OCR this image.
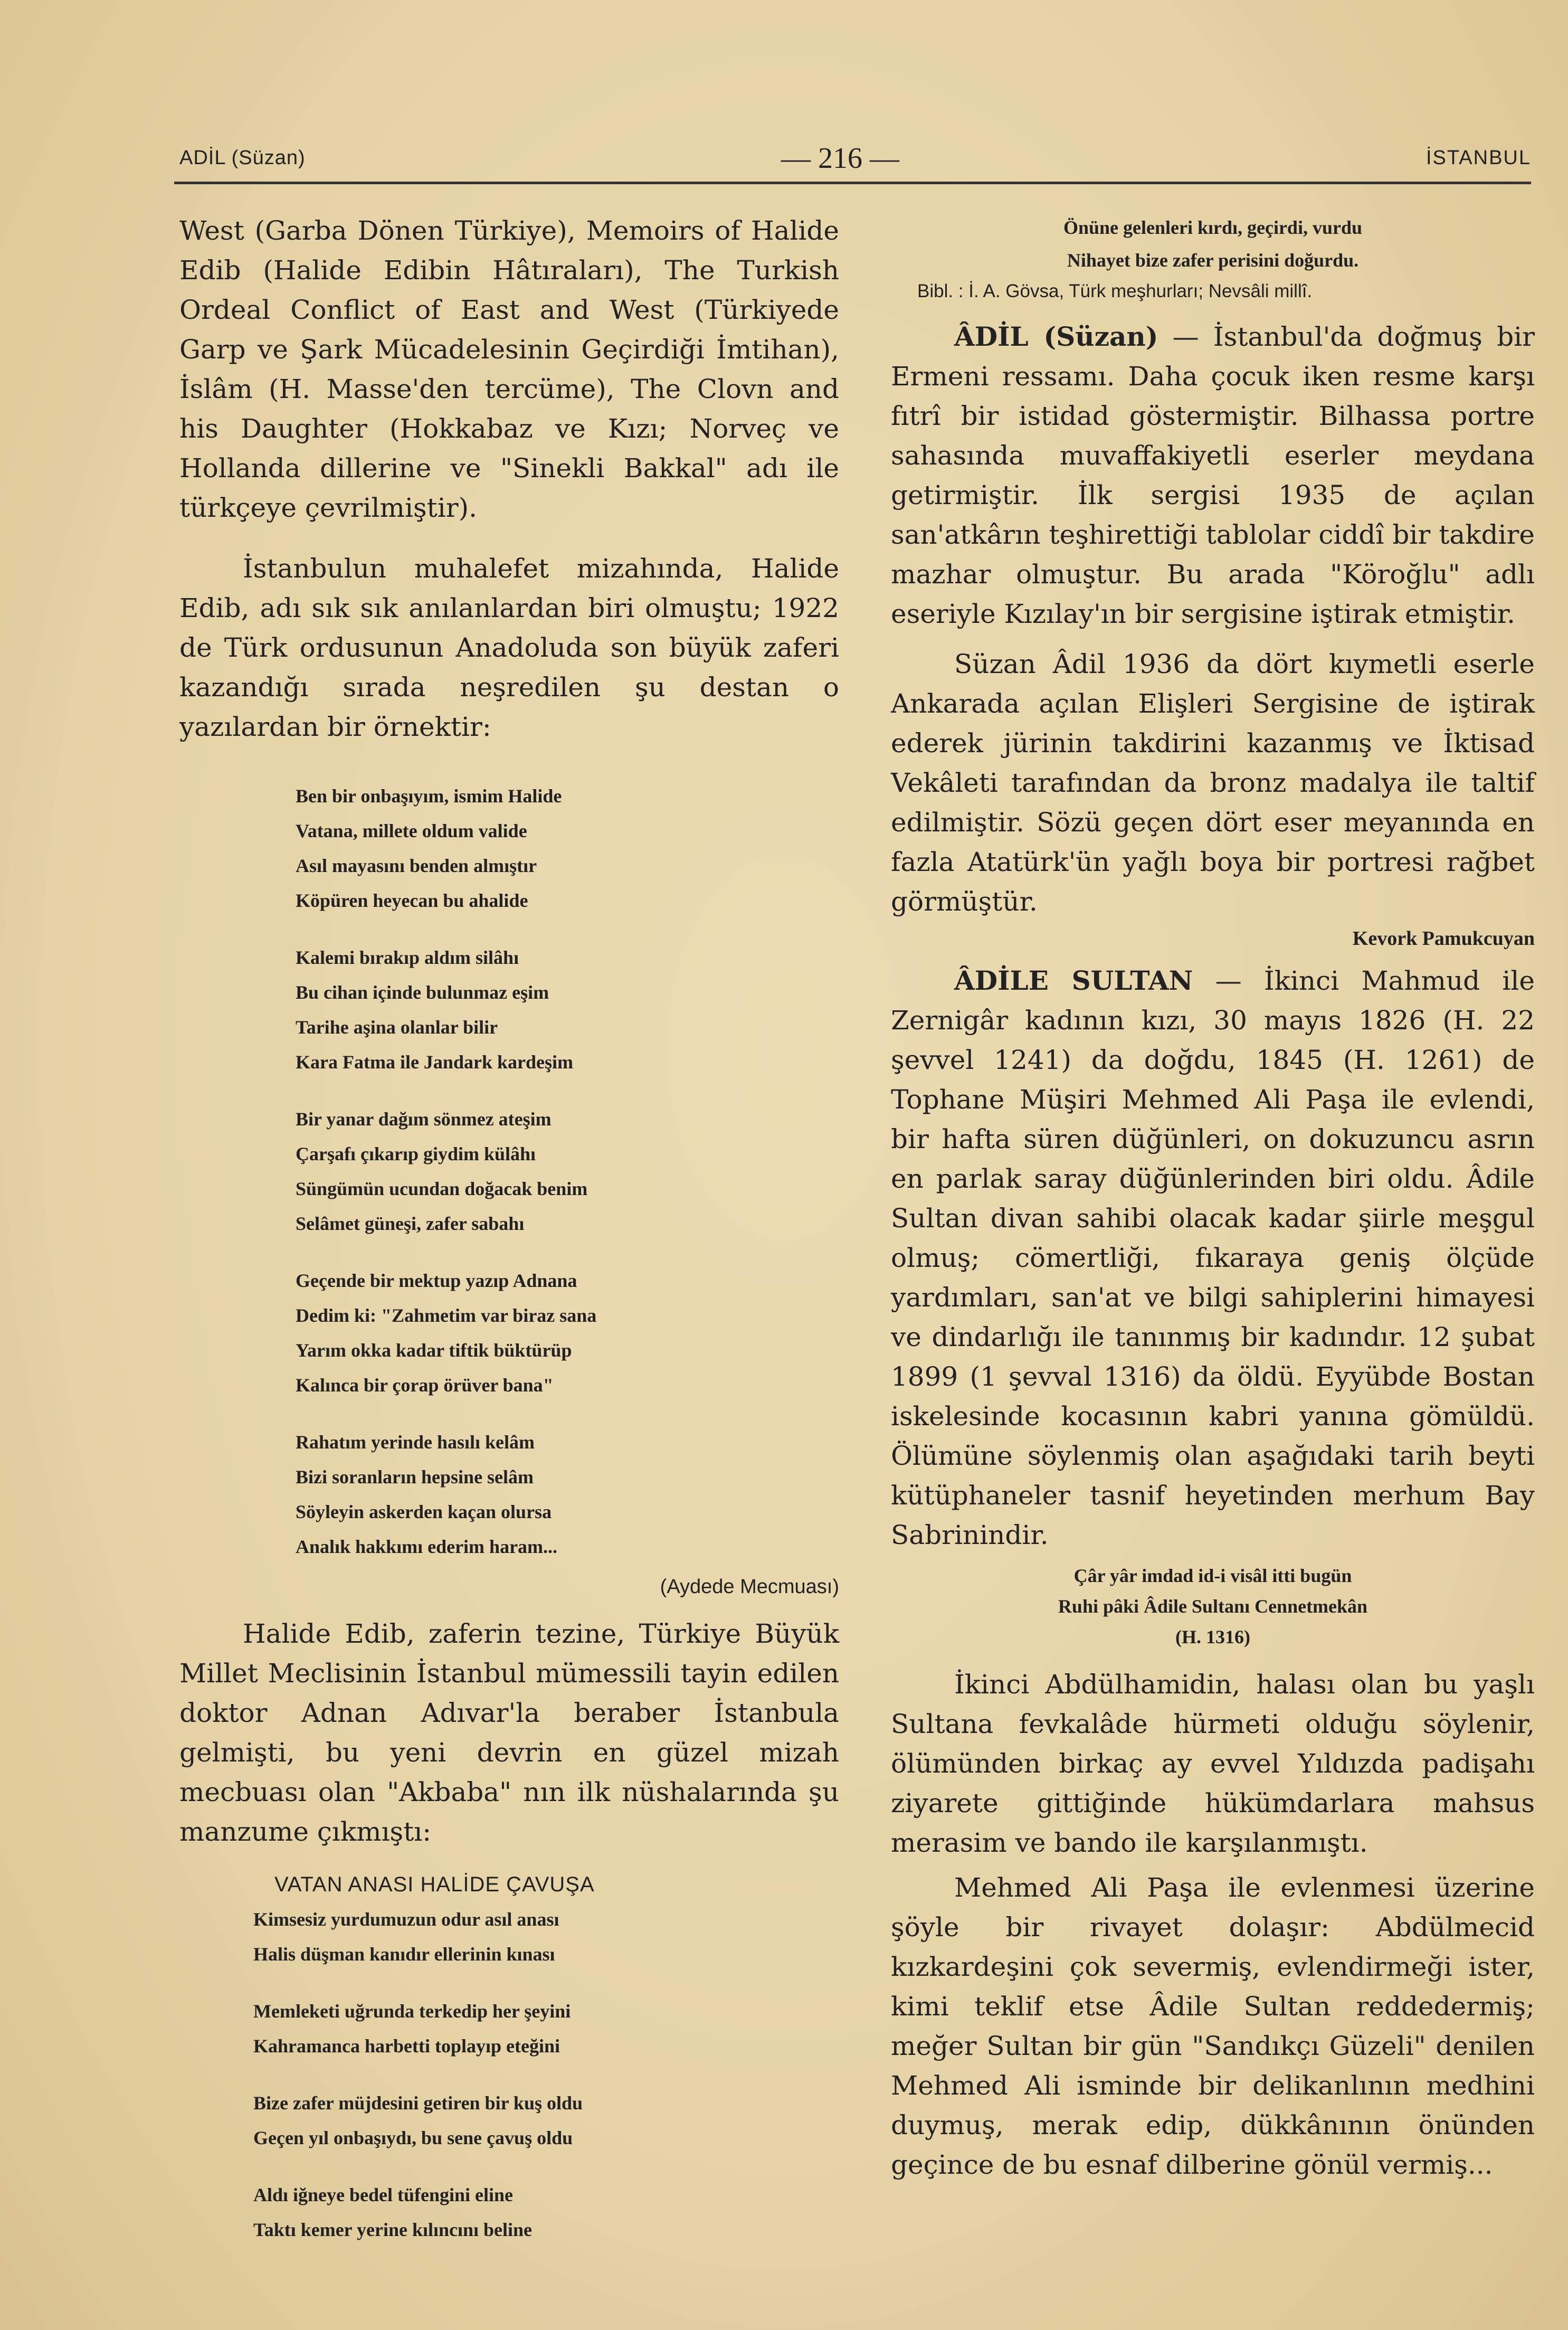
ADİL (Süzan)	— 216 —	İSTANBUL

West (Garba Dönen Türkiye), Memoirs of Halide Edib (Halide Edibin Hâtıraları), The Turkish Ordeal Conflict of East and West (Türkiyede Garp ve Şark Mücadelesinin Geçirdiği İmtihan), İslâm (H. Masse'den tercüme), The Clovn and his Daughter (Hokkabaz ve Kızı; Norveç ve Hollanda dillerine ve "Sinekli Bakkal" adı ile türkçeye çevrilmiştir).

İstanbulun muhalefet mizahında, Halide Edib, adı sık sık anılanlardan biri olmuştu; 1922 de Türk ordusunun Anadoluda son büyük zaferi kazandığı sırada neşredilen şu destan o yazılardan bir örnektir:

Ben bir onbaşıyım, ismim Halide
Vatana, millete oldum valide
Asıl mayasını benden almıştır
Köpüren heyecan bu ahalide
Kalemi bırakıp aldım silâhı
Bu cihan içinde bulunmaz eşim
Tarihe aşina olanlar bilir
Kara Fatma ile Jandark kardeşim
Bir yanar dağım sönmez ateşim
Çarşafı çıkarıp giydim külâhı
Süngümün ucundan doğacak benim
Selâmet güneşi, zafer sabahı
Geçende bir mektup yazıp Adnana
Dedim ki: "Zahmetim var biraz sana
Yarım okka kadar tiftik büktürüp
Kalınca bir çorap örüver bana"
Rahatım yerinde hasılı kelâm
Bizi soranların hepsine selâm
Söyleyin askerden kaçan olursa
Analık hakkımı ederim haram...
(Aydede Mecmuası)

Halide Edib, zaferin tezine, Türkiye Büyük Millet Meclisinin İstanbul mümessili tayin edilen doktor Adnan Adıvar'la beraber İstanbula gelmişti, bu yeni devrin en güzel mizah mecbuası olan "Akbaba" nın ilk nüshalarında şu manzume çıkmıştı:

VATAN ANASI HALİDE ÇAVUŞA
Kimsesiz yurdumuzun odur asıl anası
Halis düşman kanıdır ellerinin kınası
Memleketi uğrunda terkedip her şeyini
Kahramanca harbetti toplayıp eteğini
Bize zafer müjdesini getiren bir kuş oldu
Geçen yıl onbaşıydı, bu sene çavuş oldu
Aldı iğneye bedel tüfengini eline
Taktı kemer yerine kılıncını beline
Önüne gelenleri kırdı, geçirdi, vurdu
Nihayet bize zafer perisini doğurdu.

Bibl. : İ. A. Gövsa, Türk meşhurları; Nevsâli millî.

ÂDİL (Süzan) — İstanbul'da doğmuş bir Ermeni ressamı. Daha çocuk iken resme karşı fıtrî bir istidad göstermiştir. Bilhassa portre sahasında muvaffakiyetli eserler meydana getirmiştir. İlk sergisi 1935 de açılan san'atkârın teşhirettiği tablolar ciddî bir takdire mazhar olmuştur. Bu arada "Köroğlu" adlı eseriyle Kızılay'ın bir sergisine iştirak etmiştir.

Süzan Âdil 1936 da dört kıymetli eserle Ankarada açılan Elişleri Sergisine de iştirak ederek jürinin takdirini kazanmış ve İktisad Vekâleti tarafından da bronz madalya ile taltif edilmiştir. Sözü geçen dört eser meyanında en fazla Atatürk'ün yağlı boya bir portresi rağbet görmüştür.

Kevork Pamukcuyan

ÂDİLE SULTAN — İkinci Mahmud ile Zernigâr kadının kızı, 30 mayıs 1826 (H. 22 şevvel 1241) da doğdu, 1845 (H. 1261) de Tophane Müşiri Mehmed Ali Paşa ile evlendi, bir hafta süren düğünleri, on dokuzuncu asrın en parlak saray düğünlerinden biri oldu. Âdile Sultan divan sahibi olacak kadar şiirle meşgul olmuş; cömertliği, fıkaraya geniş ölçüde yardımları, san'at ve bilgi sahiplerini himayesi ve dindarlığı ile tanınmış bir kadındır. 12 şubat 1899 (1 şevval 1316) da öldü. Eyyübde Bostan iskelesinde kocasının kabri yanına gömüldü. Ölümüne söylenmiş olan aşağıdaki tarih beyti kütüphaneler tasnif heyetinden merhum Bay Sabrinindir.

Çâr yâr imdad id-i visâl itti bugün
Ruhi pâki Âdile Sultanı Cennetmekân
(H. 1316)

İkinci Abdülhamidin, halası olan bu yaşlı Sultana fevkalâde hürmeti olduğu söylenir, ölümünden birkaç ay evvel Yıldızda padişahı ziyarete gittiğinde hükümdarlara mahsus merasim ve bando ile karşılanmıştı.

Mehmed Ali Paşa ile evlenmesi üzerine şöyle bir rivayet dolaşır: Abdülmecid kızkardeşini çok severmiş, evlendirmeği ister, kimi teklif etse Âdile Sultan reddedermiş; meğer Sultan bir gün "Sandıkçı Güzeli" denilen Mehmed Ali isminde bir delikanlının medhini duymuş, merak edip, dükkânının önünden geçince de bu esnaf dilberine gönül vermiş...
